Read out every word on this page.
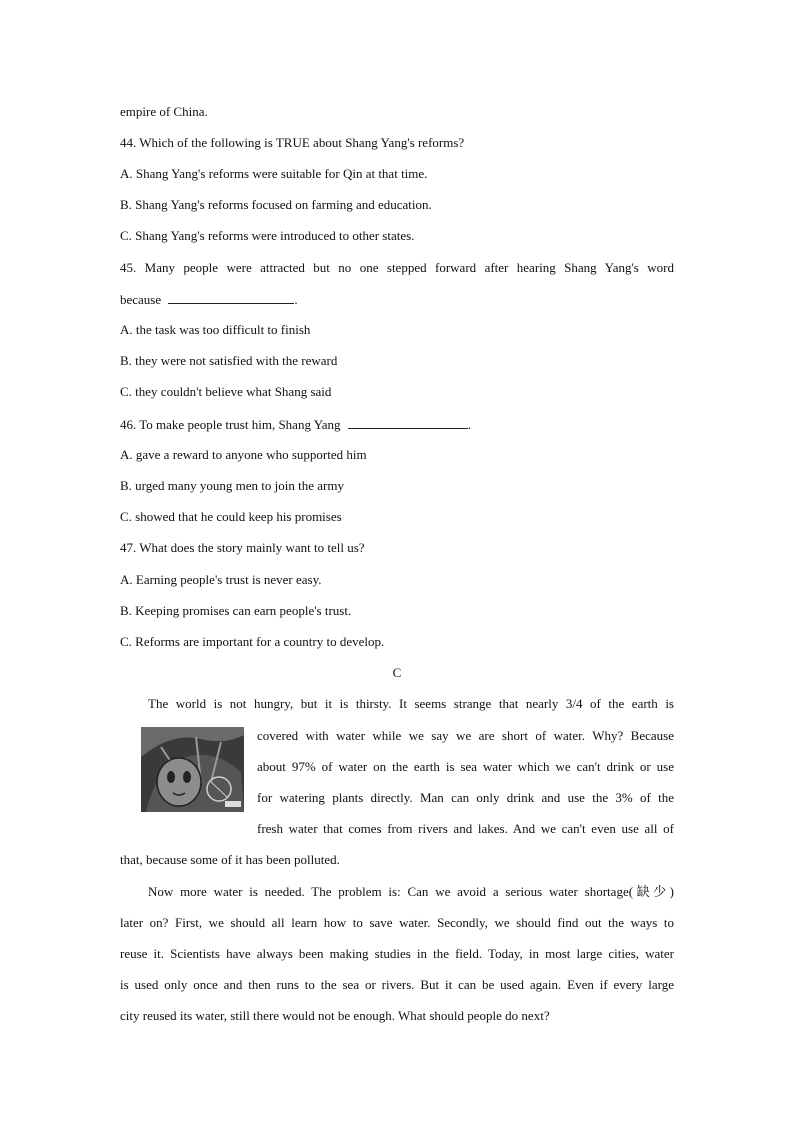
empire of China.
44. Which of the following is TRUE about Shang Yang's reforms?
A. Shang Yang's reforms were suitable for Qin at that time.
B. Shang Yang's reforms focused on farming and education.
C. Shang Yang's reforms were introduced to other states.
45. Many people were attracted but no one stepped forward after hearing Shang Yang's word
because	.
A. the task was too difficult to finish
B. they were not satisfied with the reward
C. they couldn't believe what Shang said
46. To make people trust him, Shang Yang	.
A. gave a reward to anyone who supported him
B. urged many young men to join the army
C. showed that he could keep his promises
47. What does the story mainly want to tell us?
A. Earning people's trust is never easy.
B. Keeping promises can earn people's trust.
C. Reforms are important for a country to develop.
C
The world is not hungry, but it is thirsty. It seems strange that nearly 3/4 of the earth is
covered with water while we say we are short of water. Why? Because
about 97% of water on the earth is sea water which we can't drink or use
for watering plants directly. Man can only drink and use the 3% of the
fresh water that comes from rivers and lakes. And we can't even use all of
that, because some of it has been polluted.
Now more water is needed. The problem is: Can we avoid a serious water shortage(缺少)
later on? First, we should all learn how to save water. Secondly, we should find out the ways to
reuse it. Scientists have always been making studies in the field. Today, in most large cities, water
is used only once and then runs to the sea or rivers. But it can be used again. Even if every large
city reused its water, still there would not be enough. What should people do next?
